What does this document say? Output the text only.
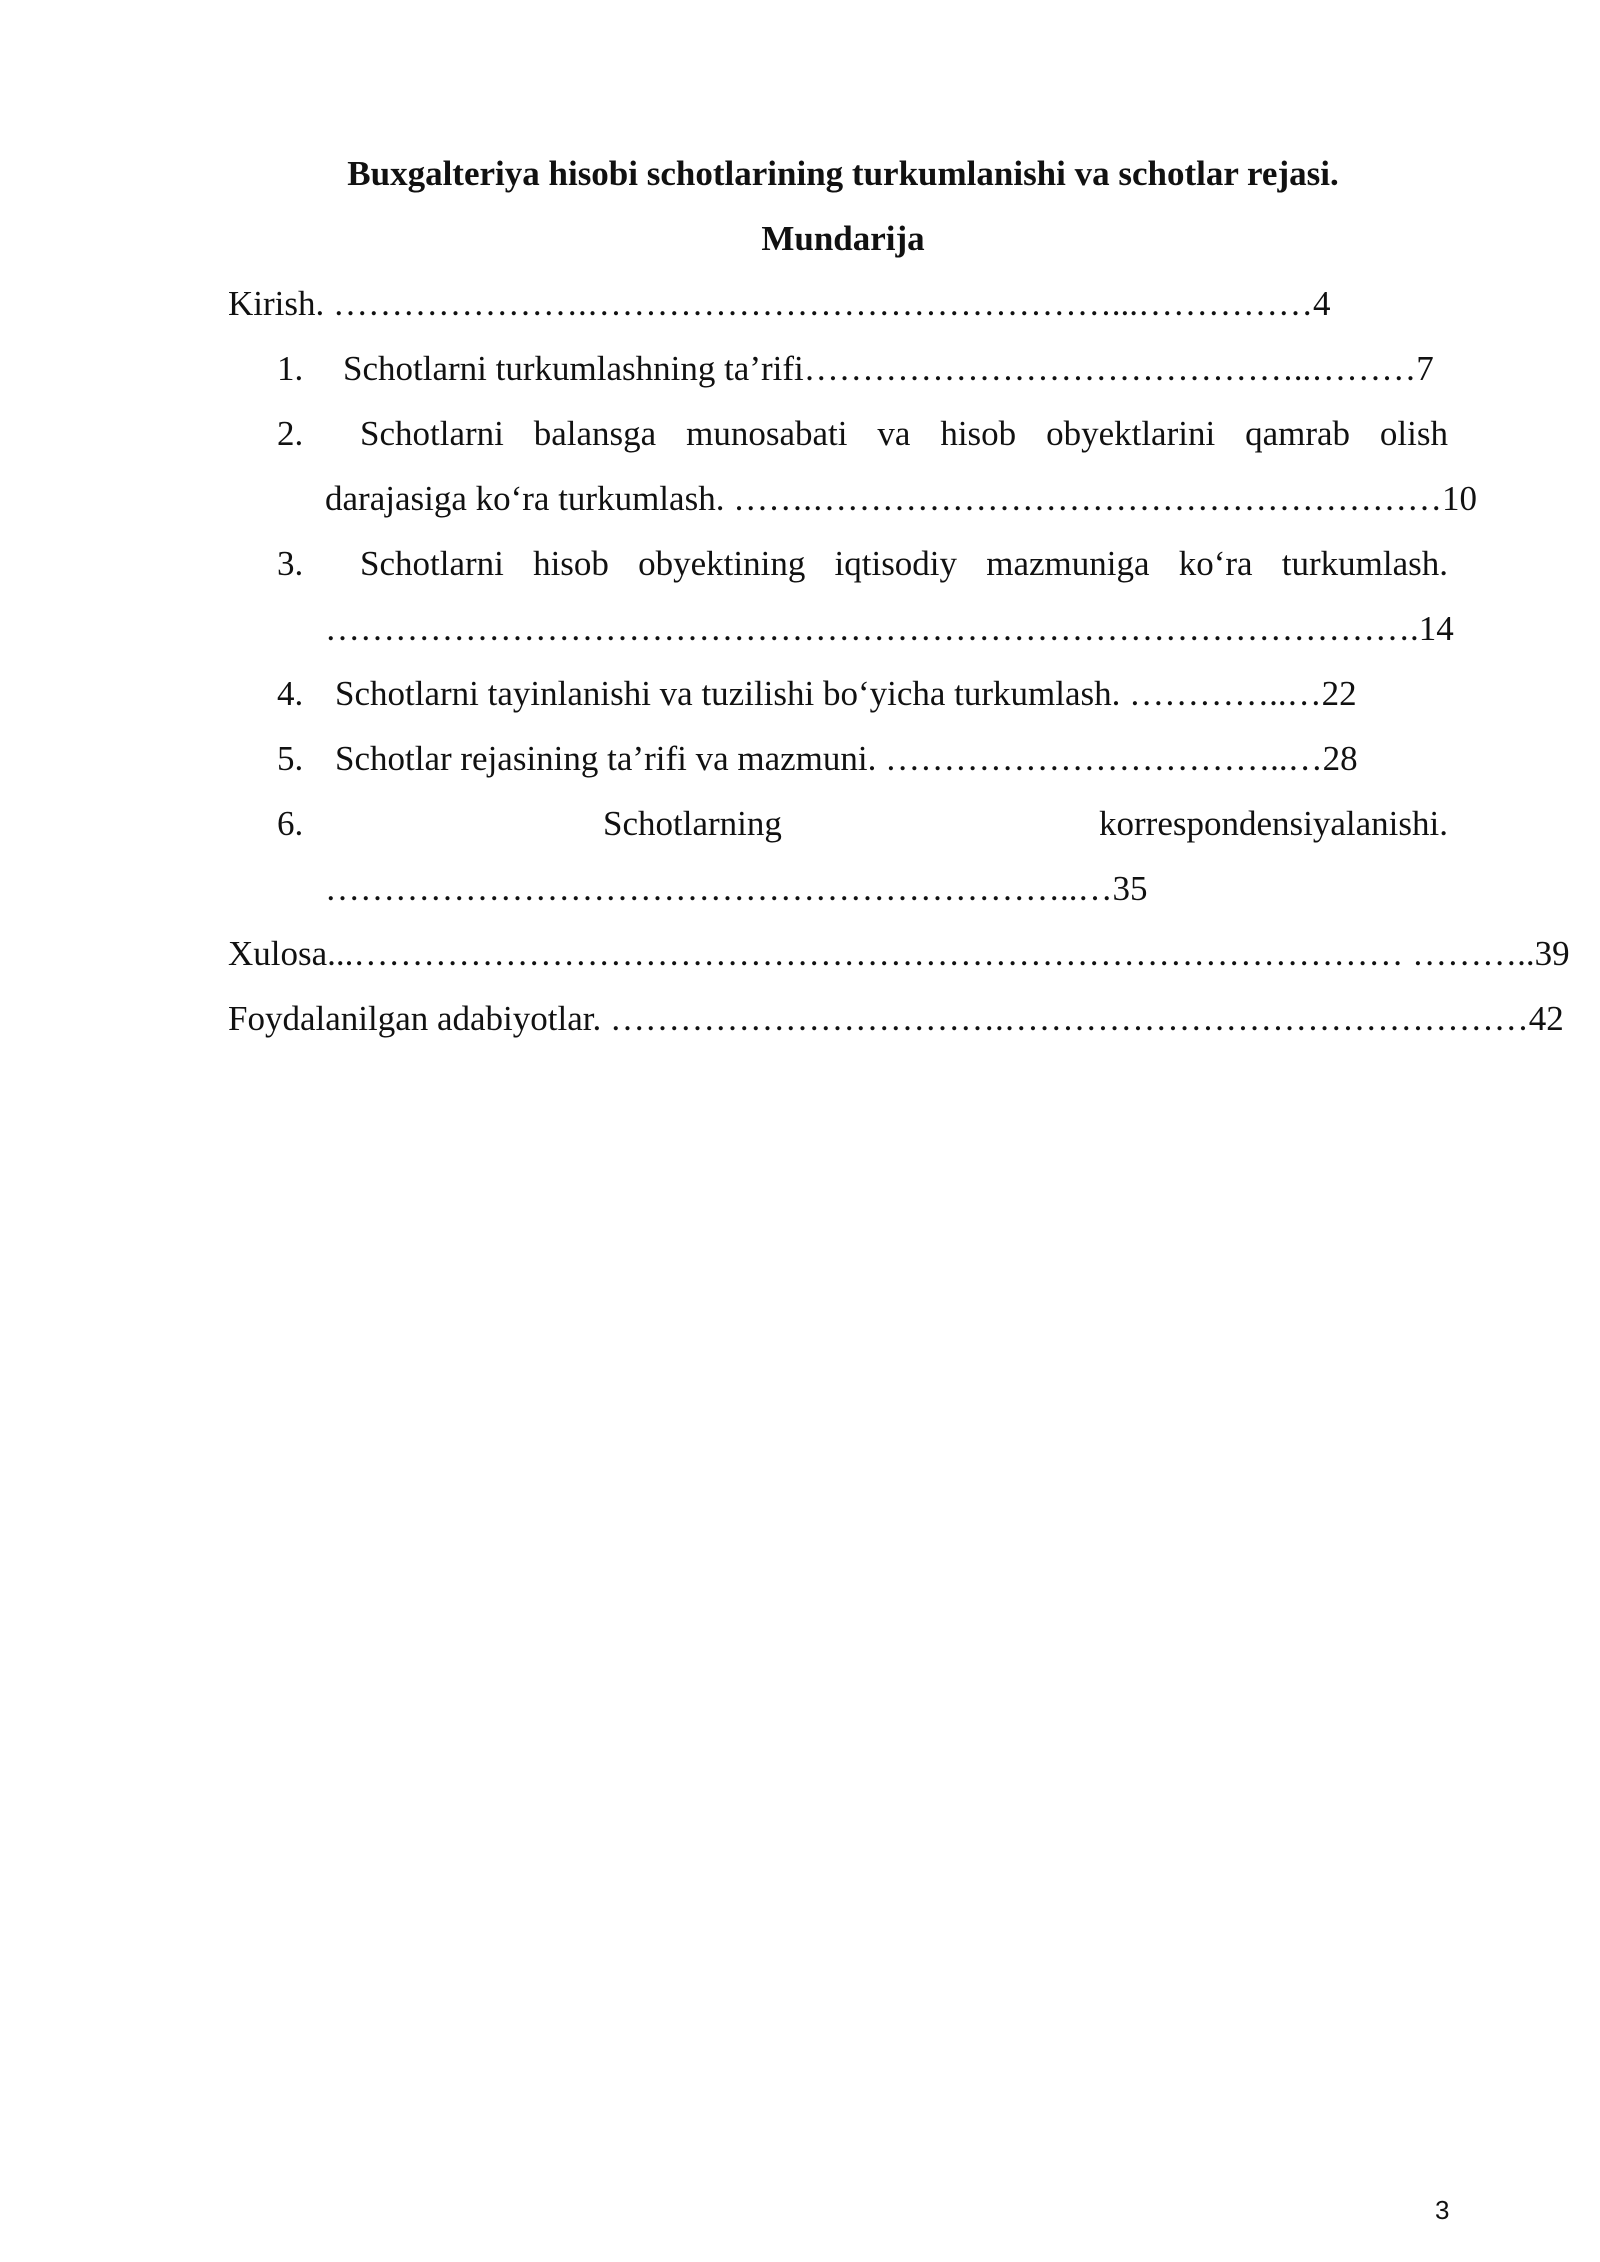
Buxgalteriya hisobi schotlarining turkumlanishi va schotlar rejasi.

Mundarija

Kirish. ………………….………………………………………...……………4

1. Schotlarni turkumlashning ta’rifi……………………………………..………7

2. Schotlarni balansga munosabati va hisob obyektlarini qamrab olish

darajasiga ko‘ra turkumlash. …….………………………………………………10

3. Schotlarni hisob obyektining iqtisodiy mazmuniga ko‘ra turkumlash.

………………………………………………………………………………….14

4. Schotlarni tayinlanishi va tuzilishi bo‘yicha turkumlash. …………..…22

5. Schotlar rejasining ta’rifi va mazmuni. ……………………………..…28

6.	Schotlarning	korrespondensiyalanishi.

………………………………………………………..…35

Xulosa...……………………………………………………………………………… ………..39

Foydalanilgan adabiyotlar. …………………………….………………………………………42

3
